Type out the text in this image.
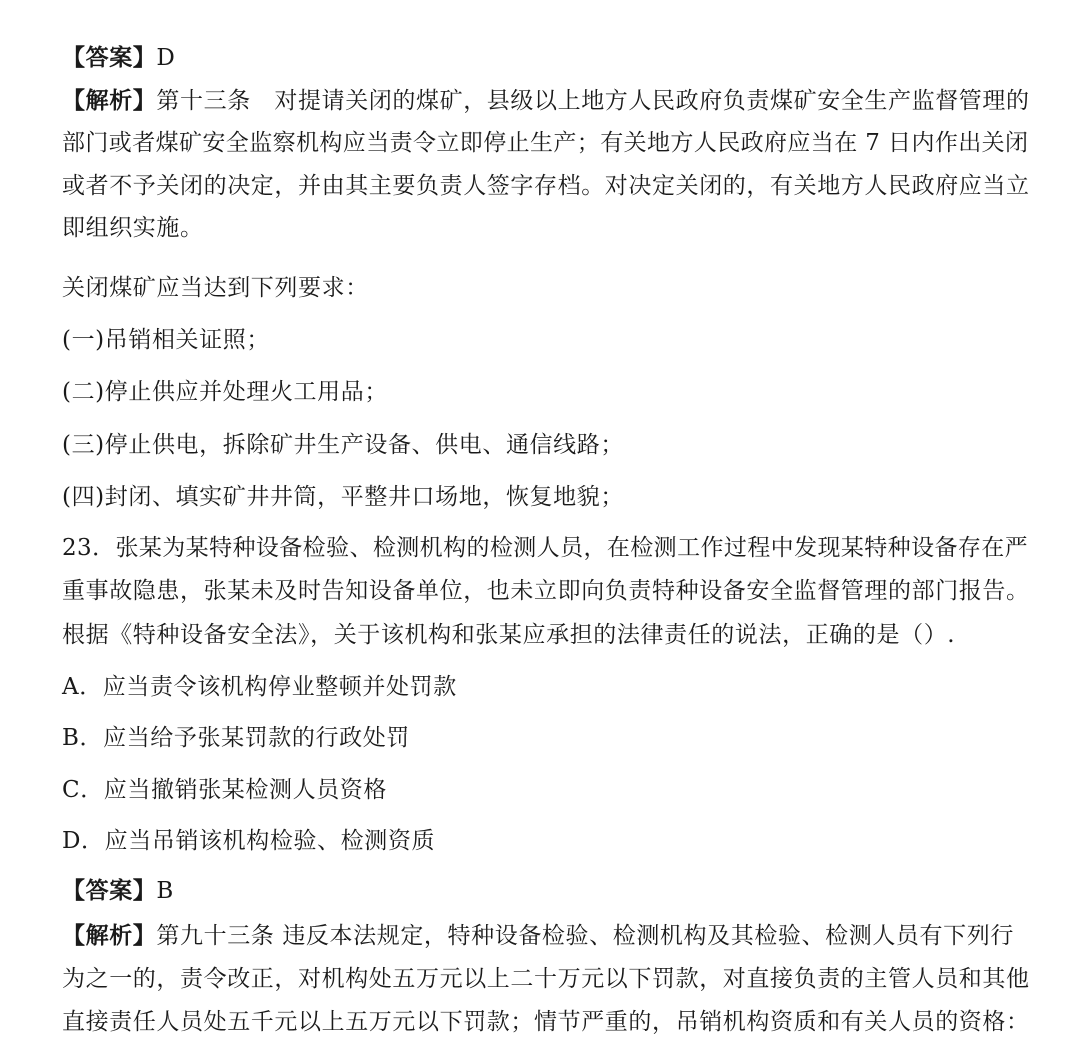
【答案】D
【解析】第十三条　对提请关闭的煤矿，县级以上地方人民政府负责煤矿安全生产监督管理的
部门或者煤矿安全监察机构应当责令立即停止生产；有关地方人民政府应当在 7 日内作出关闭
或者不予关闭的决定，并由其主要负责人签字存档。对决定关闭的，有关地方人民政府应当立
即组织实施。
关闭煤矿应当达到下列要求：
(一)吊销相关证照；
(二)停止供应并处理火工用品；
(三)停止供电，拆除矿井生产设备、供电、通信线路；
(四)封闭、填实矿井井筒，平整井口场地，恢复地貌；
23．张某为某特种设备检验、检测机构的检测人员，在检测工作过程中发现某特种设备存在严
重事故隐患，张某未及时告知设备单位，也未立即向负责特种设备安全监督管理的部门报告。
根据《特种设备安全法》，关于该机构和张某应承担的法律责任的说法，正确的是（）.
A．应当责令该机构停业整顿并处罚款
B．应当给予张某罚款的行政处罚
C．应当撤销张某检测人员资格
D．应当吊销该机构检验、检测资质
【答案】B
【解析】第九十三条 违反本法规定，特种设备检验、检测机构及其检验、检测人员有下列行
为之一的，责令改正，对机构处五万元以上二十万元以下罚款，对直接负责的主管人员和其他
直接责任人员处五千元以上五万元以下罚款；情节严重的，吊销机构资质和有关人员的资格：
